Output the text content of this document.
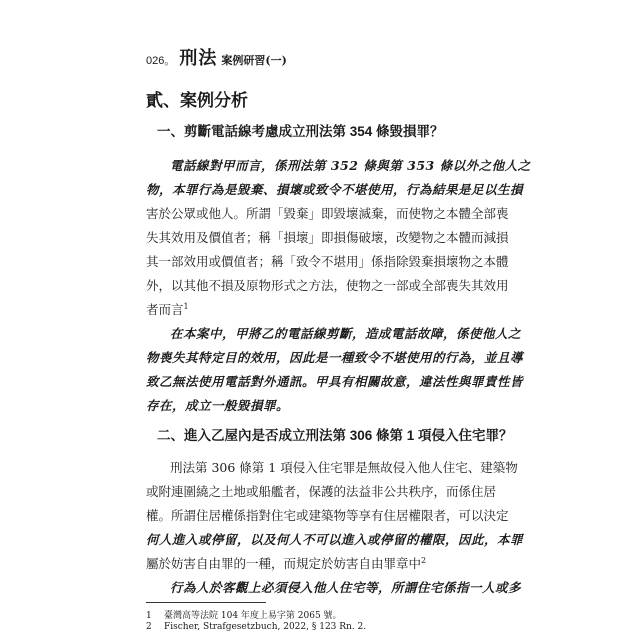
026。 刑法 案例研習(一)
貳、案例分析
一、剪斷電話線考慮成立刑法第 354 條毀損罪？
電話線對甲而言，係刑法第 352 條與第 353 條以外之他人之
物，本罪行為是毀棄、損壞或致令不堪使用，行為結果是足以生損
害於公眾或他人。所謂「毀棄」即毀壞滅棄，而使物之本體全部喪
失其效用及價值者；稱「損壞」即損傷破壞，改變物之本體而減損
其一部效用或價值者；稱「致令不堪用」係指除毀棄損壞物之本體
外，以其他不損及原物形式之方法，使物之一部或全部喪失其效用
者而言$^1$
在本案中，甲將乙的電話線剪斷，造成電話故障，係使他人之
物喪失其特定目的效用，因此是一種致令不堪使用的行為，並且導
致乙無法使用電話對外通訊。甲具有相關故意，違法性與罪責性皆
存在，成立一般毀損罪。
二、進入乙屋內是否成立刑法第 306 條第 1 項侵入住宅罪？
刑法第 306 條第 1 項侵入住宅罪是無故侵入他人住宅、建築物
或附連圍繞之土地或船艦者，保護的法益非公共秩序，而係住居
權。所謂住居權係指對住宅或建築物等享有住居權限者，可以決定
何人進入或停留，以及何人不可以進入或停留的權限，因此，本罪
屬於妨害自由罪的一種，而規定於妨害自由罪章中$^2$
行為人於客觀上必須侵入他人住宅等，所謂住宅係指一人或多
1 臺灣高等法院 104 年度上易字第 2065 號。
2 Fischer, Strafgesetzbuch, 2022, § 123 Rn. 2.
